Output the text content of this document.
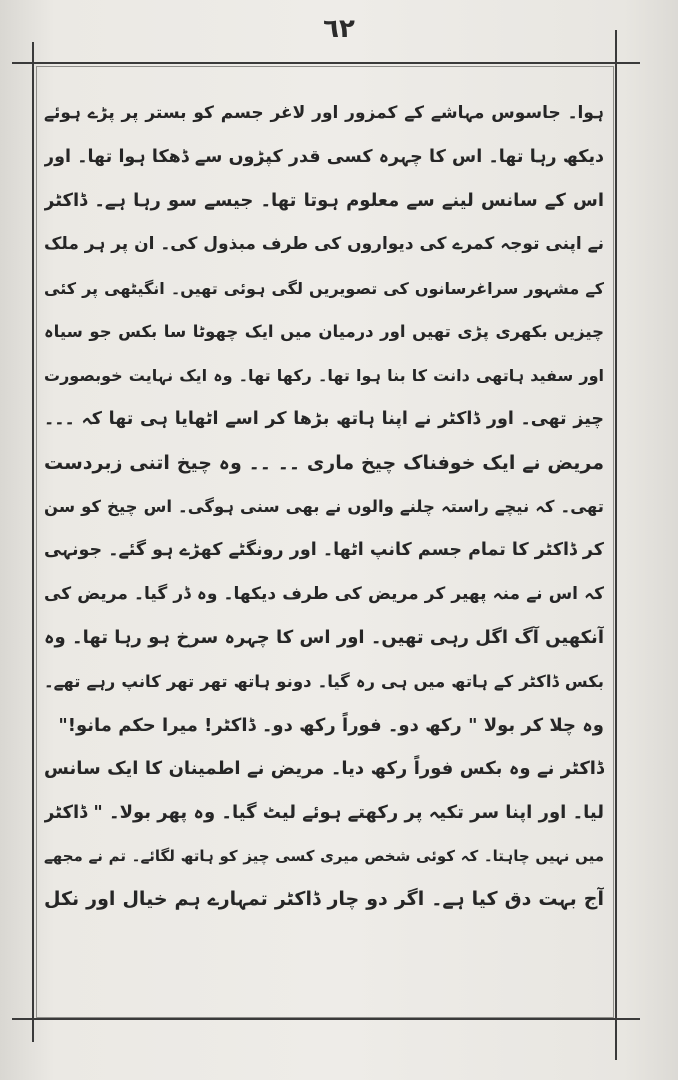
٦٢
ہوا۔ جاسوس مہاشے کے کمزور اور لاغر جسم کو بستر پر پڑے ہوئے
دیکھ رہا تھا۔ اس کا چہرہ کسی قدر کپڑوں سے ڈھکا ہوا تھا۔ اور
اس کے سانس لینے سے معلوم ہوتا تھا۔ جیسے سو رہا ہے۔ ڈاکٹر
نے اپنی توجہ کمرے کی دیواروں کی طرف مبذول کی۔ ان پر ہر ملک
کے مشہور سراغرسانوں کی تصویریں لگی ہوئی تھیں۔ انگیٹھی پر کئی
چیزیں بکھری پڑی تھیں اور درمیان میں ایک چھوٹا سا بکس جو سیاہ
اور سفید ہاتھی دانت کا بنا ہوا تھا۔ رکھا تھا۔ وہ ایک نہایت خوبصورت
چیز تھی۔ اور ڈاکٹر نے اپنا ہاتھ بڑھا کر اسے اٹھایا ہی تھا کہ ۔۔۔
مریض نے ایک خوفناک چیخ ماری ۔۔ ۔۔ وہ چیخ اتنی زبردست
تھی۔ کہ نیچے راستہ چلنے والوں نے بھی سنی ہوگی۔ اس چیخ کو سن
کر ڈاکٹر کا تمام جسم کانپ اٹھا۔ اور رونگٹے کھڑے ہو گئے۔ جونہی
کہ اس نے منہ پھیر کر مریض کی طرف دیکھا۔ وہ ڈر گیا۔ مریض کی
آنکھیں آگ اگل رہی تھیں۔ اور اس کا چہرہ سرخ ہو رہا تھا۔ وہ
بکس ڈاکٹر کے ہاتھ میں ہی رہ گیا۔ دونو ہاتھ تھر تھر کانپ رہے تھے۔
وہ چلا کر بولا " رکھ دو۔ فوراً رکھ دو۔ ڈاکٹر! میرا حکم مانو!"
ڈاکٹر نے وہ بکس فوراً رکھ دیا۔ مریض نے اطمینان کا ایک سانس
لیا۔ اور اپنا سر تکیہ پر رکھتے ہوئے لیٹ گیا۔ وہ پھر بولا۔ " ڈاکٹر
میں نہیں چاہتا۔ کہ کوئی شخص میری کسی چیز کو ہاتھ لگائے۔ تم نے مجھے
آج بہت دق کیا ہے۔ اگر دو چار ڈاکٹر تمہارے ہم خیال اور نکل
